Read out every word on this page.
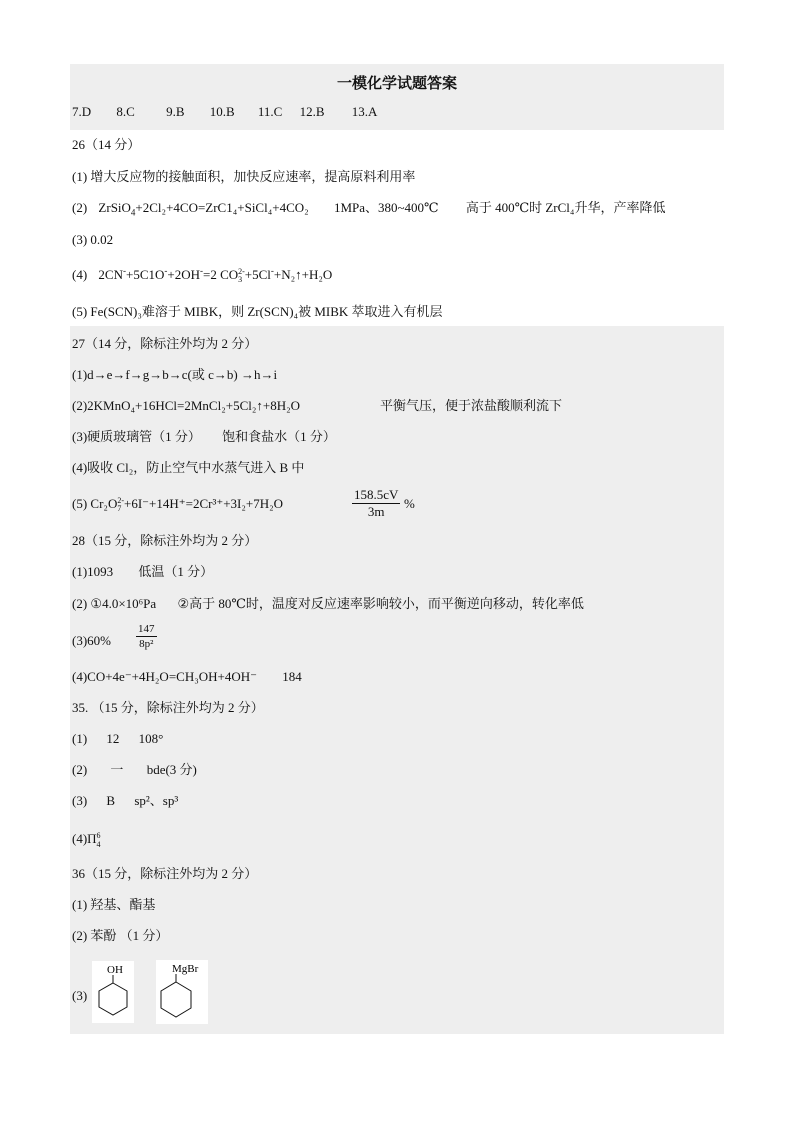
一模化学试题答案
7.D 8.C 9.B 10.B 11.C 12.B 13.A
26（14 分）
(1) 增大反应物的接触面积，加快反应速率，提高原料利用率
(2) ZrSiO$_4$+2Cl₂+4CO=ZrC1₄+SiCl₄+4CO₂ 1MPa、380~400℃ 高于 400℃时 ZrCl₄升华，产率降低
(3) 0.02
(4) 2CN-+5C1O-+2OH-=2 CO 2-
3 +5Cl-+N₂↑+H₂O
(5) Fe(SCN)₃难溶于 MIBK，则 Zr(SCN)₄被 MIBK 萃取进入有机层
27（14 分，除标注外均为 2 分）
(1)d→e→f→g→b→c(或 c→b) →h→i
(2)2KMnO₄+16HCl=2MnCl₂+5Cl₂↑+8H₂O	平衡气压，便于浓盐酸顺利流下
(3)硬质玻璃管（1 分） 饱和食盐水（1 分）
(4)吸收 Cl₂，防止空气中水蒸气进入 B 中
(5) Cr₂O 2-
7 +6I⁻+14H⁺=2Cr³⁺+3I₂+7H₂O
158.5cV
3m
%
28（15 分，除标注外均为 2 分）
(1)1093 低温（1 分）
(2) ①4.0×10⁶Pa ②高于 80℃时，温度对反应速率影响较小，而平衡逆向移动，转化率低
(3)60%
147
8p²
(4)CO+4e⁻+4H₂O=CH₃OH+4OH⁻ 184
35. （15 分，除标注外均为 2 分）
(1) 12 108°
(2) 一 bde(3 分)
(3) B sp²、sp³
(4)Π 6
4
36（15 分，除标注外均为 2 分）
(1) 羟基、酯基
(2) 苯酚 （1 分）
(3)
OH	MgBr
